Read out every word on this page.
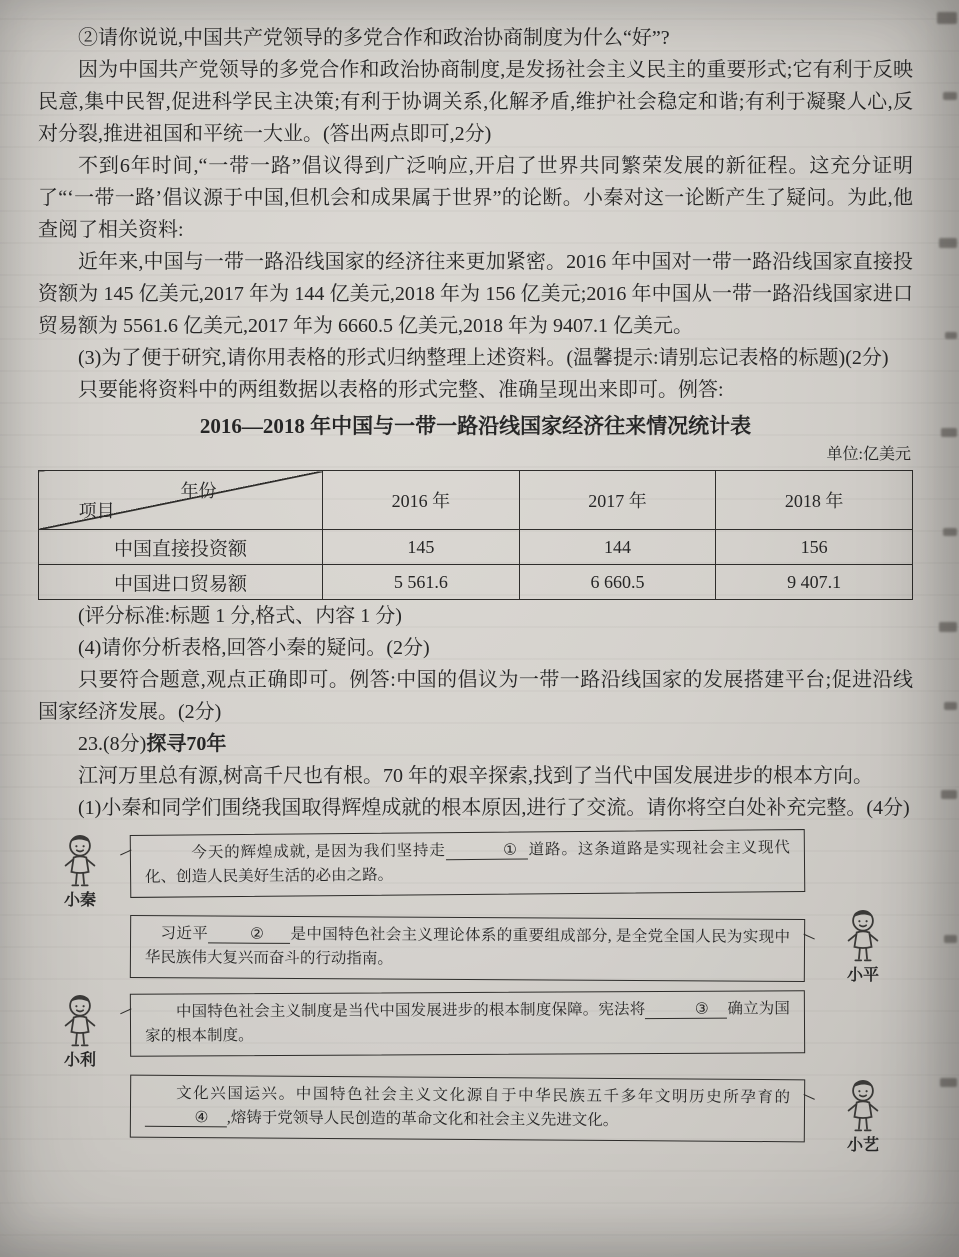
②请你说说,中国共产党领导的多党合作和政治协商制度为什么“好”?

因为中国共产党领导的多党合作和政治协商制度,是发扬社会主义民主的重要形式;它有利于反映民意,集中民智,促进科学民主决策;有利于协调关系,化解矛盾,维护社会稳定和谐;有利于凝聚人心,反对分裂,推进祖国和平统一大业。(答出两点即可,2分)

不到6年时间,“一带一路”倡议得到广泛响应,开启了世界共同繁荣发展的新征程。这充分证明了“‘一带一路’倡议源于中国,但机会和成果属于世界”的论断。小秦对这一论断产生了疑问。为此,他查阅了相关资料:

近年来,中国与一带一路沿线国家的经济往来更加紧密。2016 年中国对一带一路沿线国家直接投资额为 145 亿美元,2017 年为 144 亿美元,2018 年为 156 亿美元;2016 年中国从一带一路沿线国家进口贸易额为 5561.6 亿美元,2017 年为 6660.5 亿美元,2018 年为 9407.1 亿美元。

(3)为了便于研究,请你用表格的形式归纳整理上述资料。(温馨提示:请别忘记表格的标题)(2分)

只要能将资料中的两组数据以表格的形式完整、准确呈现出来即可。例答:

2016—2018 年中国与一带一路沿线国家经济往来情况统计表
单位:亿美元
年份
项目	2016 年	2017 年	2018 年
中国直接投资额	145	144	156
中国进口贸易额	5 561.6	6 660.5	9 407.1

(评分标准:标题 1 分,格式、内容 1 分)

(4)请你分析表格,回答小秦的疑问。(2分)

只要符合题意,观点正确即可。例答:中国的倡议为一带一路沿线国家的发展搭建平台;促进沿线国家经济发展。(2分)

23.(8分)探寻70年

江河万里总有源,树高千尺也有根。70 年的艰辛探索,找到了当代中国发展进步的根本方向。

(1)小秦和同学们围绕我国取得辉煌成就的根本原因,进行了交流。请你将空白处补充完整。(4分)

小秦
今天的辉煌成就, 是因为我们坚持走	① 道路。这条道路是实现社会主义现代化、创造人民美好生活的必由之路。
习近平	② 是中国特色社会主义理论体系的重要组成部分, 是全党全国人民为实现中华民族伟大复兴而奋斗的行动指南。
小平
小利
中国特色社会主义制度是当代中国发展进步的根本制度保障。宪法将	③ 确立为国家的根本制度。
文化兴国运兴。中国特色社会主义文化源自于中华民族五千多年文明历史所孕育的④ ,熔铸于党领导人民创造的革命文化和社会主义先进文化。
小艺
